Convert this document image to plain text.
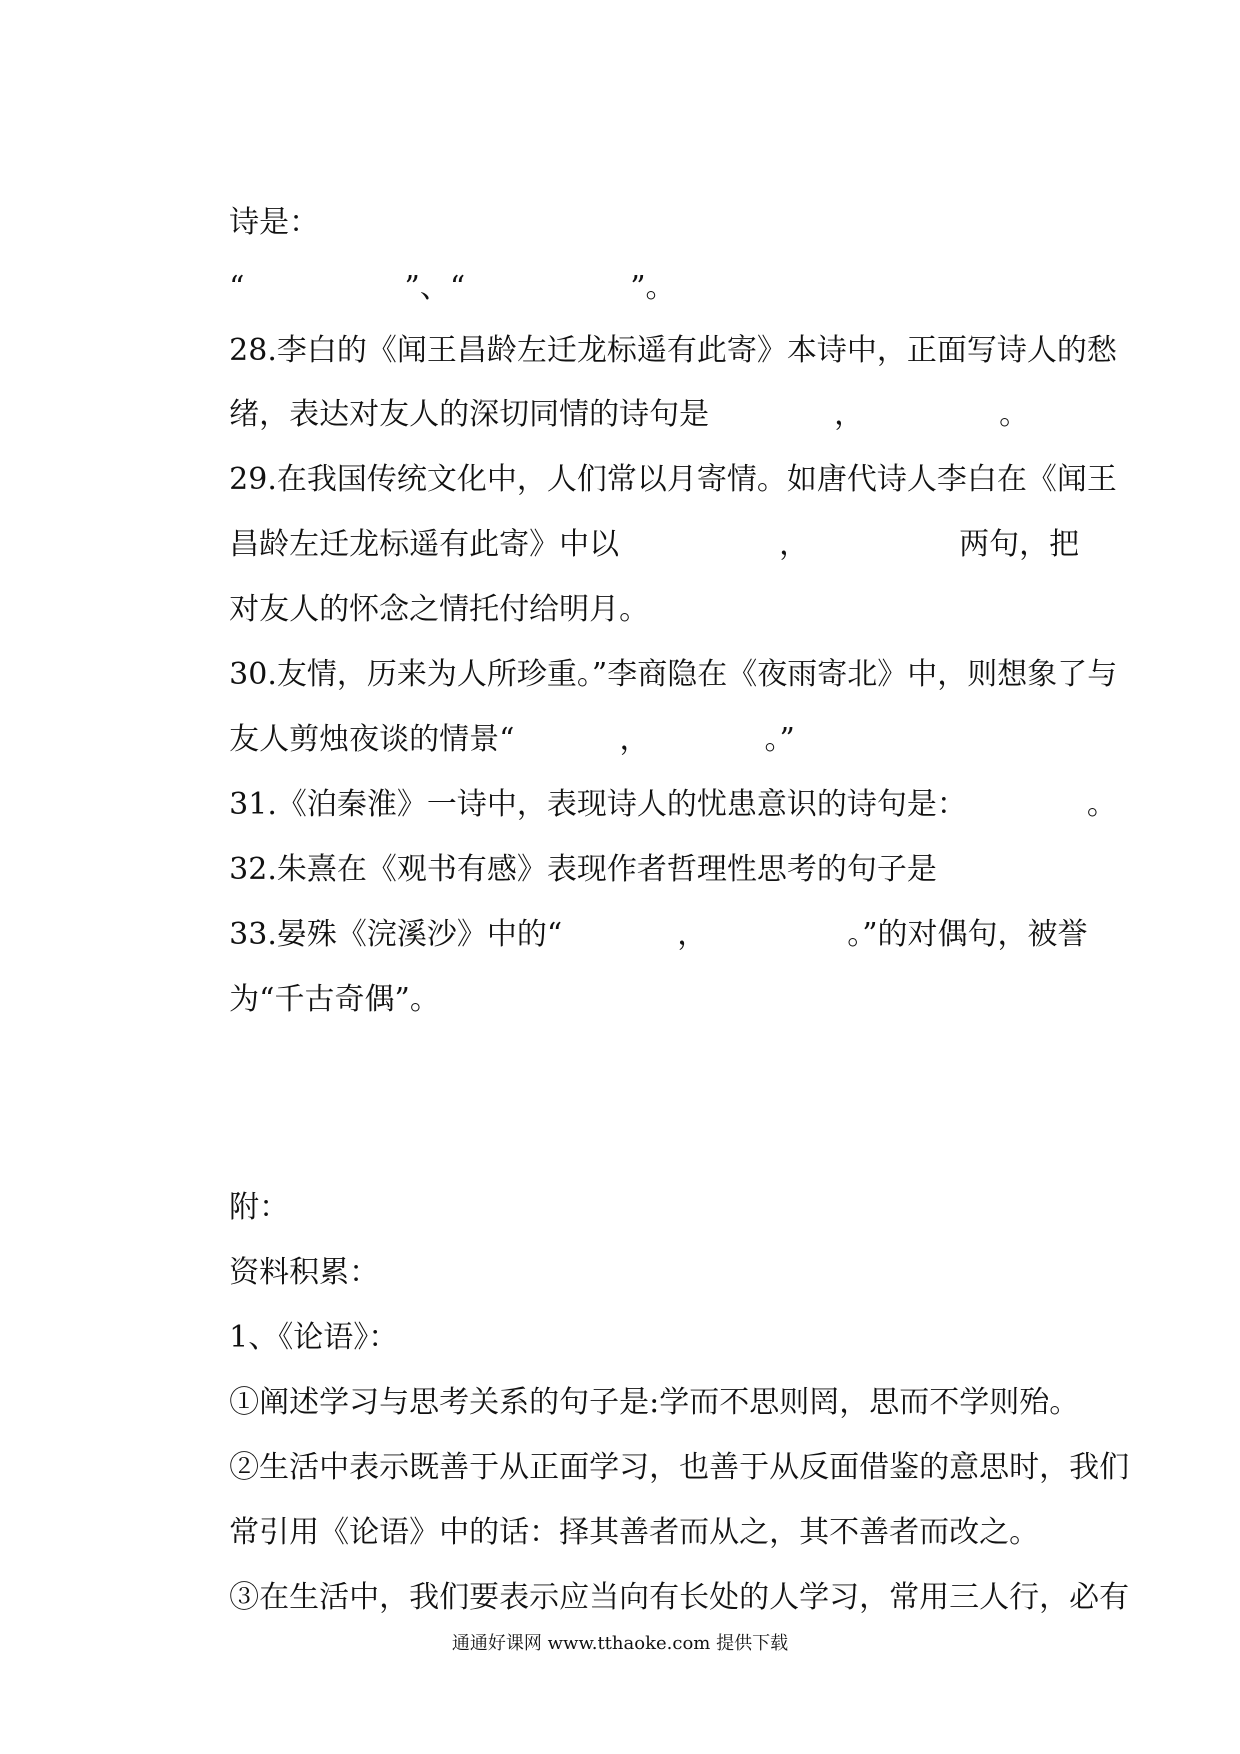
诗是：

“	”、“	”。

28.李白的《闻王昌龄左迁龙标遥有此寄》本诗中，正面写诗人的愁

绪，表达对友人的深切同情的诗句是	，	。

29.在我国传统文化中，人们常以月寄情。如唐代诗人李白在《闻王

昌龄左迁龙标遥有此寄》中以	，	两句，把

对友人的怀念之情托付给明月。

30.友情，历来为人所珍重。”李商隐在《夜雨寄北》中，则想象了与

友人剪烛夜谈的情景“	，	。”

31.《泊秦淮》一诗中，表现诗人的忧患意识的诗句是：	。

32.朱熹在《观书有感》表现作者哲理性思考的句子是

33.晏殊《浣溪沙》中的“	，	。”的对偶句，被誉

为“千古奇偶”。

附：

资料积累：

1、《论语》：

①阐述学习与思考关系的句子是:学而不思则罔，思而不学则殆。

②生活中表示既善于从正面学习，也善于从反面借鉴的意思时，我们

常引用《论语》中的话：择其善者而从之，其不善者而改之。

③在生活中，我们要表示应当向有长处的人学习，常用三人行，必有

通通好课网 www.tthaoke.com 提供下载
